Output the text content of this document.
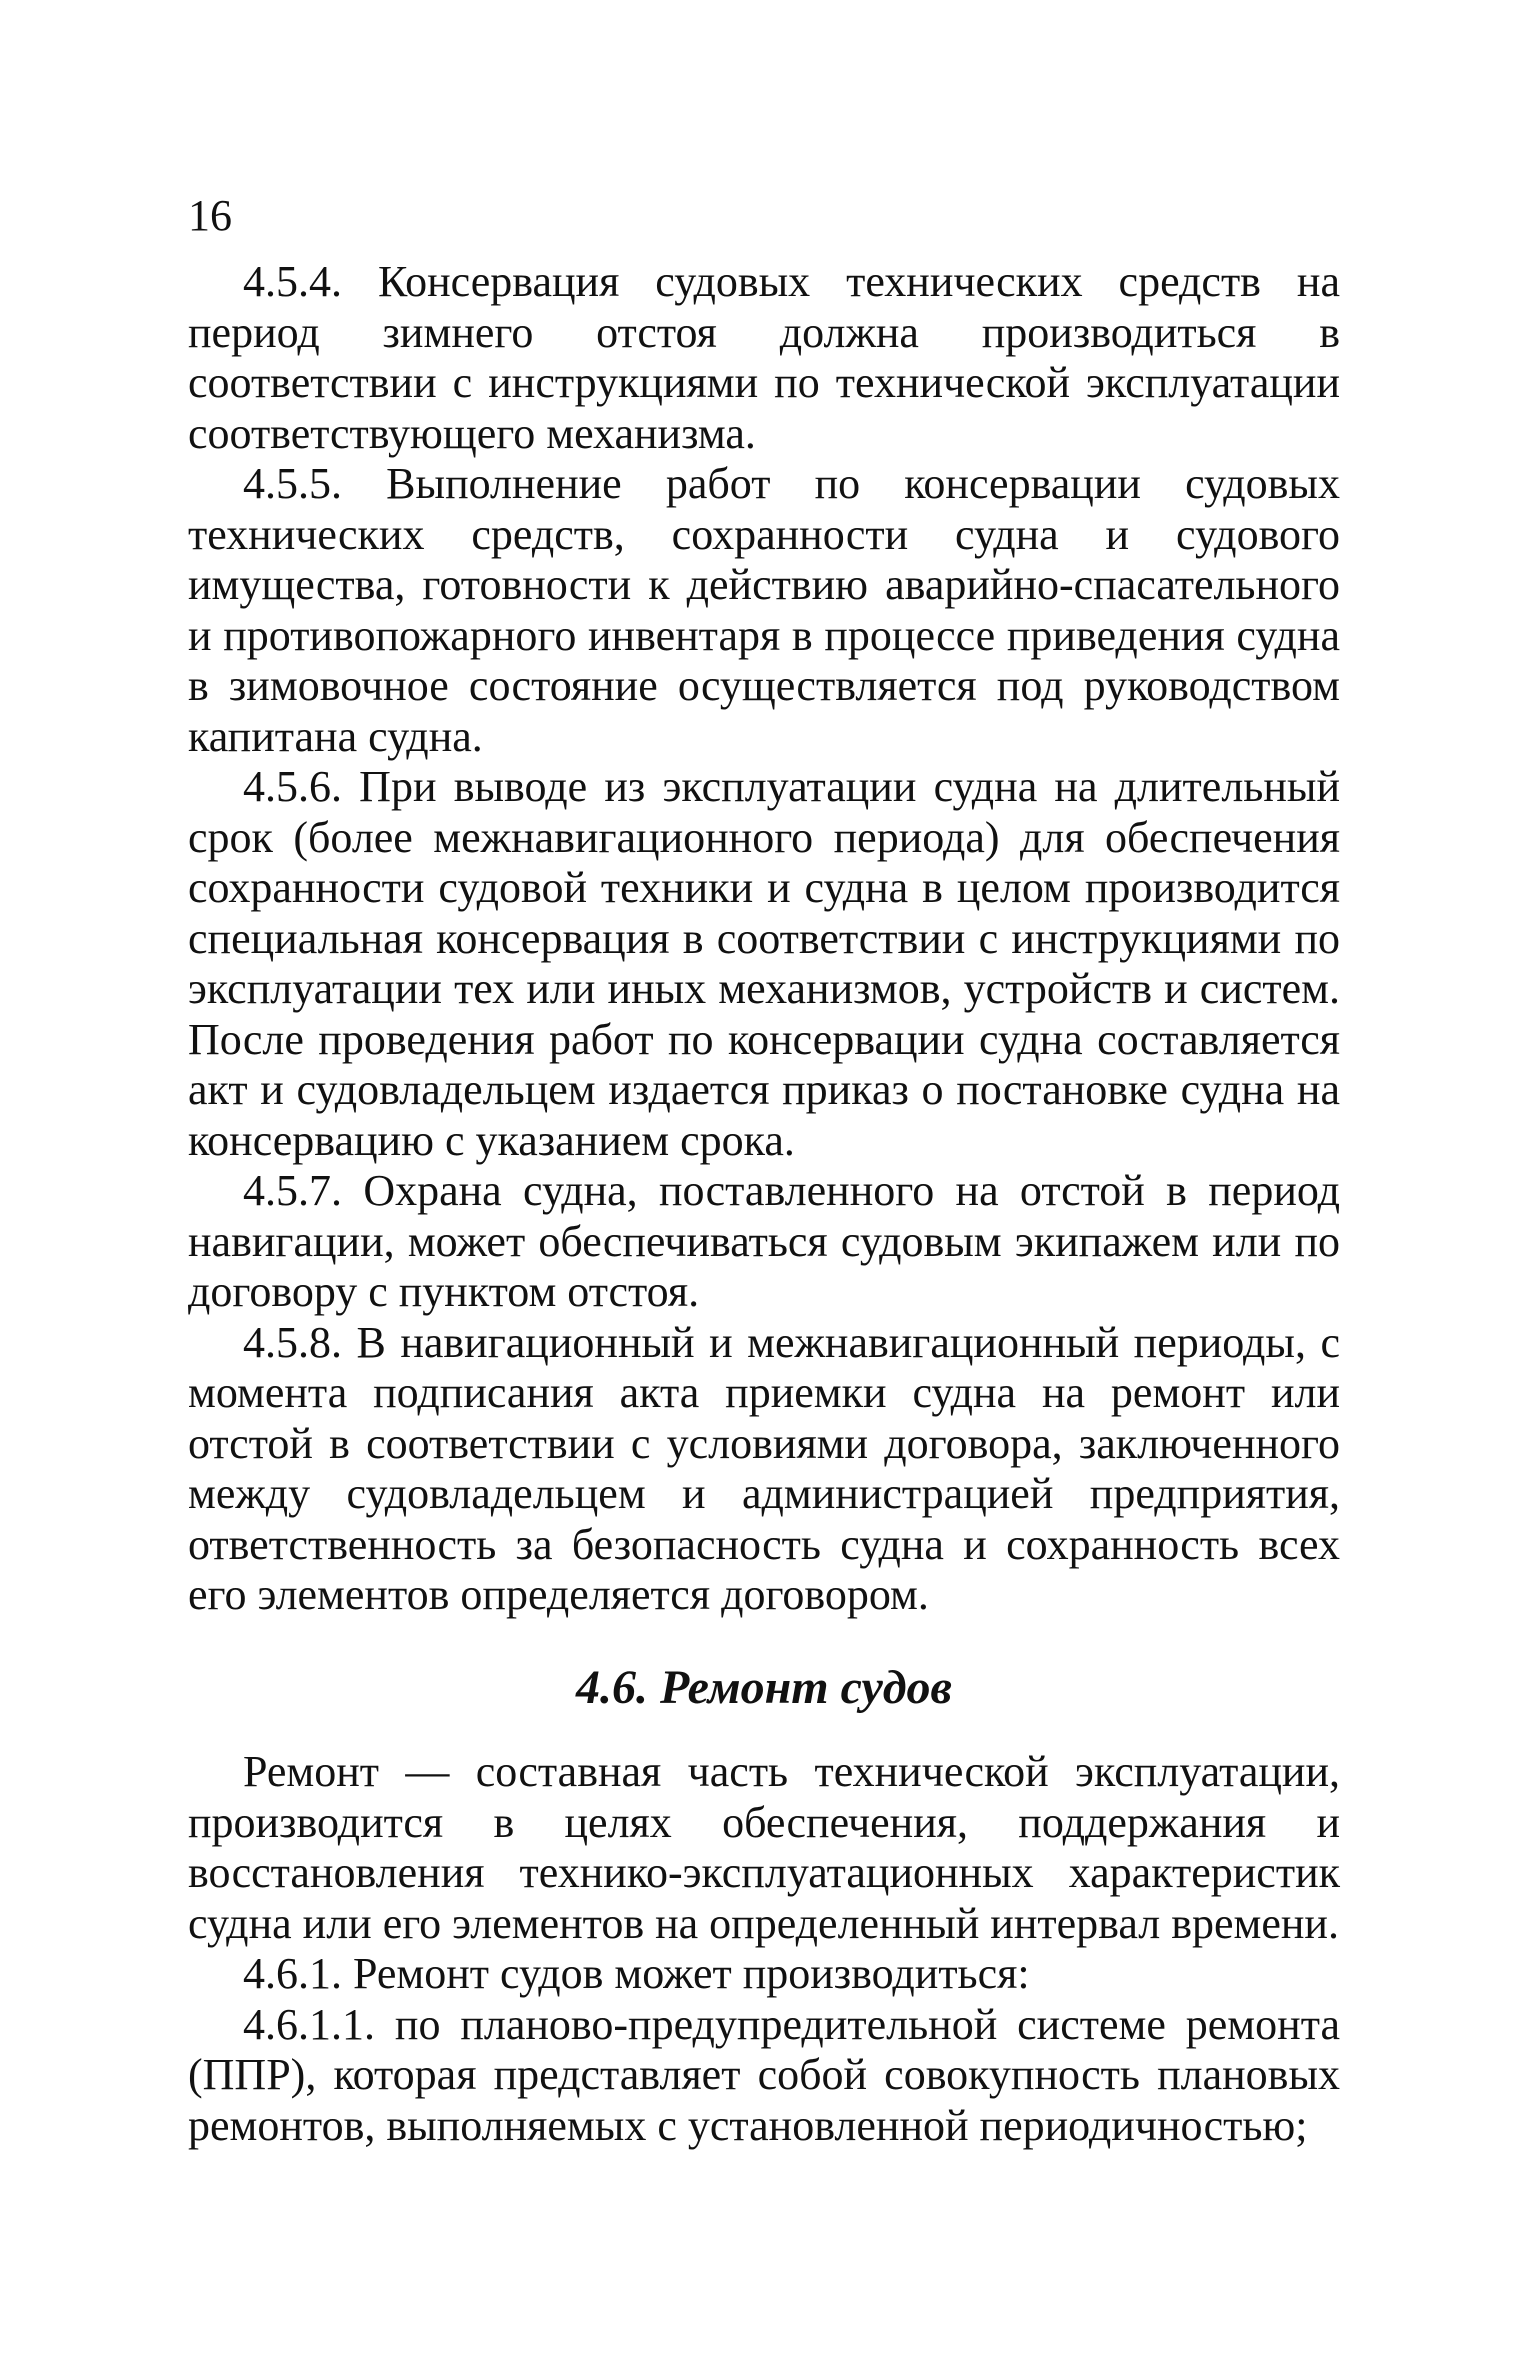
16

4.5.4. Консервация судовых технических средств на период зимнего отстоя должна производиться в соответствии с инструкциями по технической эксплуатации соответствующего механизма.

4.5.5. Выполнение работ по консервации судовых технических средств, сохранности судна и судового имущества, готовности к действию аварийно-спасательного и противопожарного инвентаря в процессе приведения судна в зимовочное состояние осуществляется под руководством капитана судна.

4.5.6. При выводе из эксплуатации судна на длительный срок (более межнавигационного периода) для обеспечения сохранности судовой техники и судна в целом производится специальная консервация в соответствии с инструкциями по эксплуатации тех или иных механизмов, устройств и систем. После проведения работ по консервации судна составляется акт и судовладельцем издается приказ о постановке судна на консервацию с указанием срока.

4.5.7. Охрана судна, поставленного на отстой в период навигации, может обеспечиваться судовым экипажем или по договору с пунктом отстоя.

4.5.8. В навигационный и межнавигационный периоды, с момента подписания акта приемки судна на ремонт или отстой в соответствии с условиями договора, заключенного между судовладельцем и администрацией предприятия, ответственность за безопасность судна и сохранность всех его элементов определяется договором.

4.6. Ремонт судов

Ремонт — составная часть технической эксплуатации, производится в целях обеспечения, поддержания и восстановления технико-эксплуатационных характеристик судна или его элементов на определенный интервал времени.

4.6.1. Ремонт судов может производиться:

4.6.1.1. по планово-предупредительной системе ремонта (ППР), которая представляет собой совокупность плановых ремонтов, выполняемых с установленной периодичностью;
